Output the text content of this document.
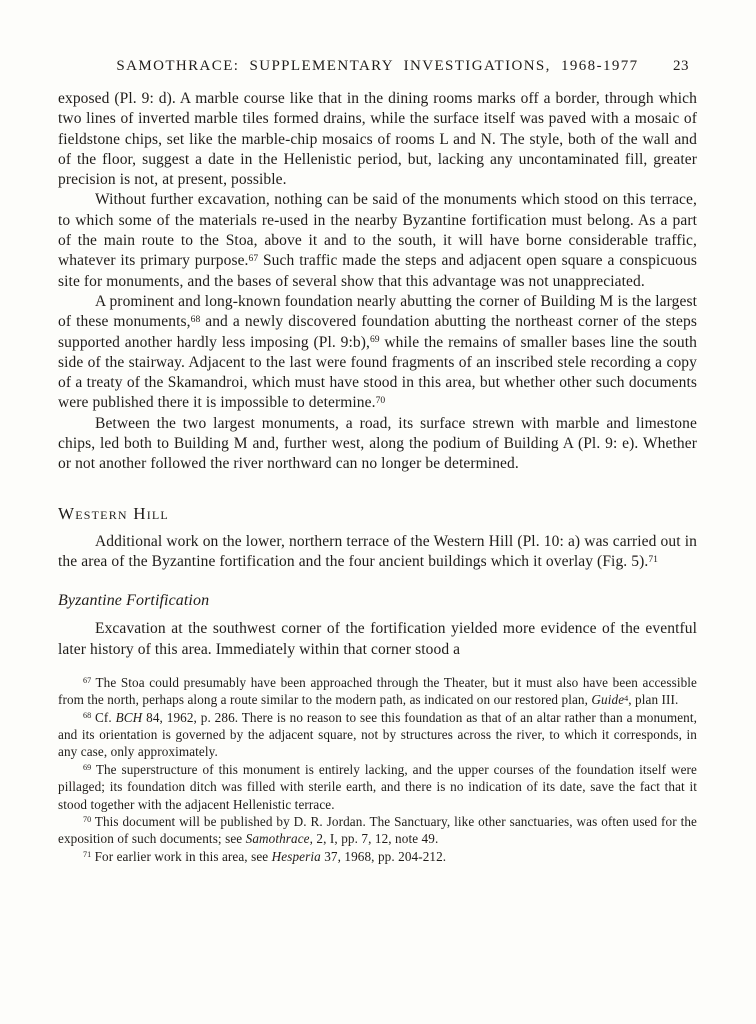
SAMOTHRACE: SUPPLEMENTARY INVESTIGATIONS, 1968-1977 23

exposed (Pl. 9: d). A marble course like that in the dining rooms marks off a border, through which two lines of inverted marble tiles formed drains, while the surface itself was paved with a mosaic of fieldstone chips, set like the marble-chip mosaics of rooms L and N. The style, both of the wall and of the floor, suggest a date in the Hellenistic period, but, lacking any uncontaminated fill, greater precision is not, at present, possible.

Without further excavation, nothing can be said of the monuments which stood on this terrace, to which some of the materials re-used in the nearby Byzantine fortification must belong. As a part of the main route to the Stoa, above it and to the south, it will have borne considerable traffic, whatever its primary purpose.$^{67}$ Such traffic made the steps and adjacent open square a conspicuous site for monuments, and the bases of several show that this advantage was not unappreciated.

A prominent and long-known foundation nearly abutting the corner of Building M is the largest of these monuments,$^{68}$ and a newly discovered foundation abutting the northeast corner of the steps supported another hardly less imposing (Pl. 9:b),$^{69}$ while the remains of smaller bases line the south side of the stairway. Adjacent to the last were found fragments of an inscribed stele recording a copy of a treaty of the Skamandroi, which must have stood in this area, but whether other such documents were published there it is impossible to determine.$^{70}$

Between the two largest monuments, a road, its surface strewn with marble and limestone chips, led both to Building M and, further west, along the podium of Building A (Pl. 9: e). Whether or not another followed the river northward can no longer be determined.

Western Hill

Additional work on the lower, northern terrace of the Western Hill (Pl. 10: a) was carried out in the area of the Byzantine fortification and the four ancient buildings which it overlay (Fig. 5).$^{71}$

Byzantine Fortification

Excavation at the southwest corner of the fortification yielded more evidence of the eventful later history of this area. Immediately within that corner stood a

$^{67}$ The Stoa could presumably have been approached through the Theater, but it must also have been accessible from the north, perhaps along a route similar to the modern path, as indicated on our restored plan, Guide$^4$, plan III.

$^{68}$ Cf. BCH 84, 1962, p. 286. There is no reason to see this foundation as that of an altar rather than a monument, and its orientation is governed by the adjacent square, not by structures across the river, to which it corresponds, in any case, only approximately.

$^{69}$ The superstructure of this monument is entirely lacking, and the upper courses of the foundation itself were pillaged; its foundation ditch was filled with sterile earth, and there is no indication of its date, save the fact that it stood together with the adjacent Hellenistic terrace.

$^{70}$ This document will be published by D. R. Jordan. The Sanctuary, like other sanctuaries, was often used for the exposition of such documents; see Samothrace, 2, I, pp. 7, 12, note 49.

$^{71}$ For earlier work in this area, see Hesperia 37, 1968, pp. 204-212.
